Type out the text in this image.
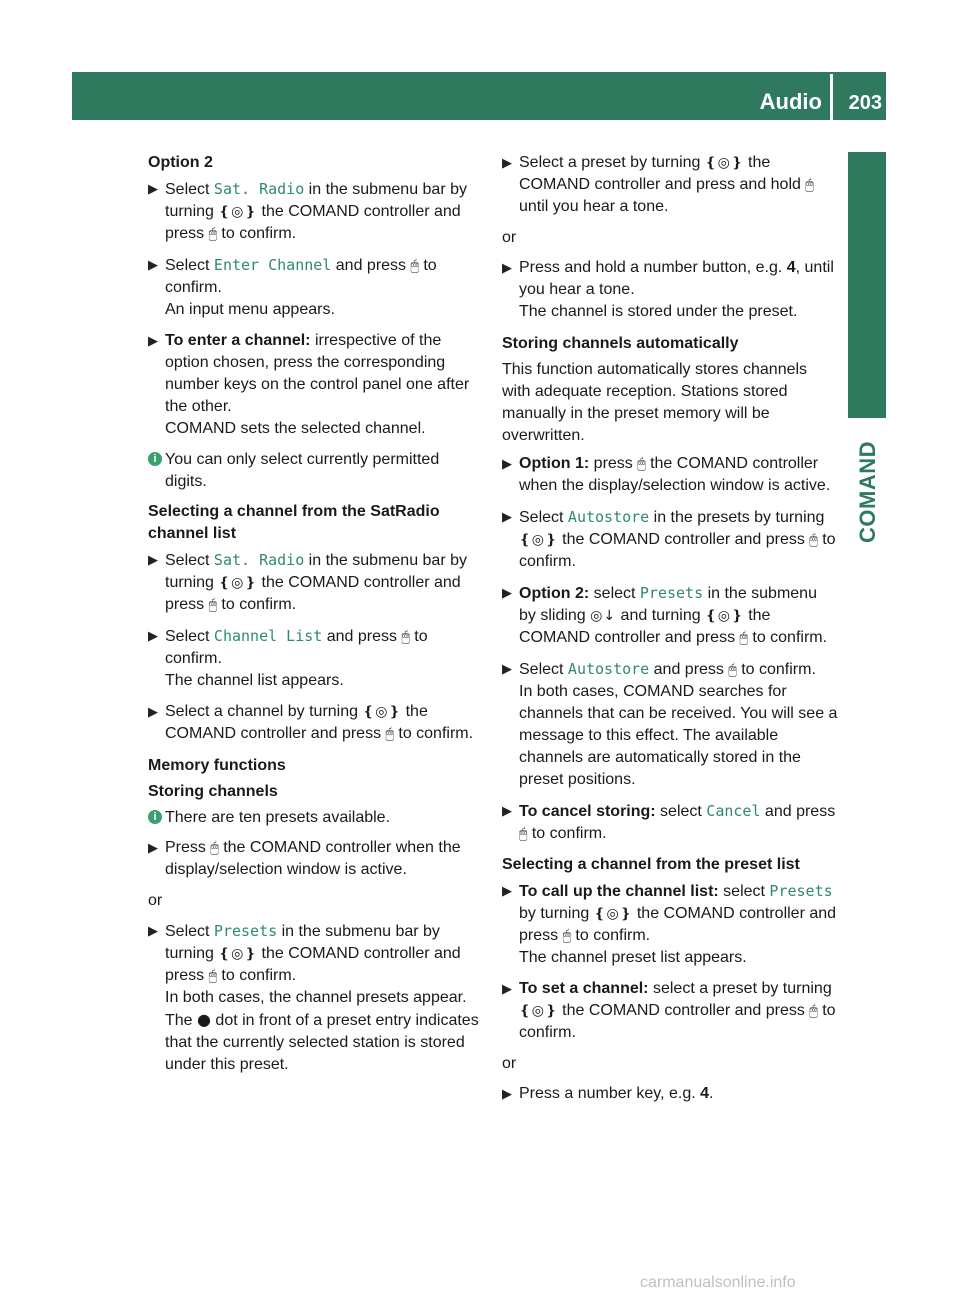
Audio 203
COMAND

Option 2

▶ Select Sat. Radio in the submenu bar by turning ❴◎❵ the COMAND controller and press 🖱 to confirm.
▶ Select Enter Channel and press 🖱 to confirm.
An input menu appears.
▶ To enter a channel: irrespective of the option chosen, press the corresponding number keys on the control panel one after the other.
COMAND sets the selected channel.
i You can only select currently permitted digits.

Selecting a channel from the SatRadio channel list

▶ Select Sat. Radio in the submenu bar by turning ❴◎❵ the COMAND controller and press 🖱 to confirm.
▶ Select Channel List and press 🖱 to confirm.
The channel list appears.
▶ Select a channel by turning ❴◎❵ the COMAND controller and press 🖱 to confirm.

Memory functions

Storing channels

i There are ten presets available.
▶ Press 🖱 the COMAND controller when the display/selection window is active.

or

▶ Select Presets in the submenu bar by turning ❴◎❵ the COMAND controller and press 🖱 to confirm.
In both cases, the channel presets appear. The ● dot in front of a preset entry indicates that the currently selected station is stored under this preset.
▶ Select a preset by turning ❴◎❵ the COMAND controller and press and hold 🖱 until you hear a tone.

or

▶ Press and hold a number button, e.g. 4, until you hear a tone.
The channel is stored under the preset.

Storing channels automatically

This function automatically stores channels with adequate reception. Stations stored manually in the preset memory will be overwritten.

▶ Option 1: press 🖱 the COMAND controller when the display/selection window is active.
▶ Select Autostore in the presets by turning ❴◎❵ the COMAND controller and press 🖱 to confirm.
▶ Option 2: select Presets in the submenu by sliding ◎↓ and turning ❴◎❵ the COMAND controller and press 🖱 to confirm.
▶ Select Autostore and press 🖱 to confirm.
In both cases, COMAND searches for channels that can be received. You will see a message to this effect. The available channels are automatically stored in the preset positions.
▶ To cancel storing: select Cancel and press 🖱 to confirm.

Selecting a channel from the preset list

▶ To call up the channel list: select Presets by turning ❴◎❵ the COMAND controller and press 🖱 to confirm.
The channel preset list appears.
▶ To set a channel: select a preset by turning ❴◎❵ the COMAND controller and press 🖱 to confirm.

or

▶ Press a number key, e.g. 4.
carmanualsonline.info
